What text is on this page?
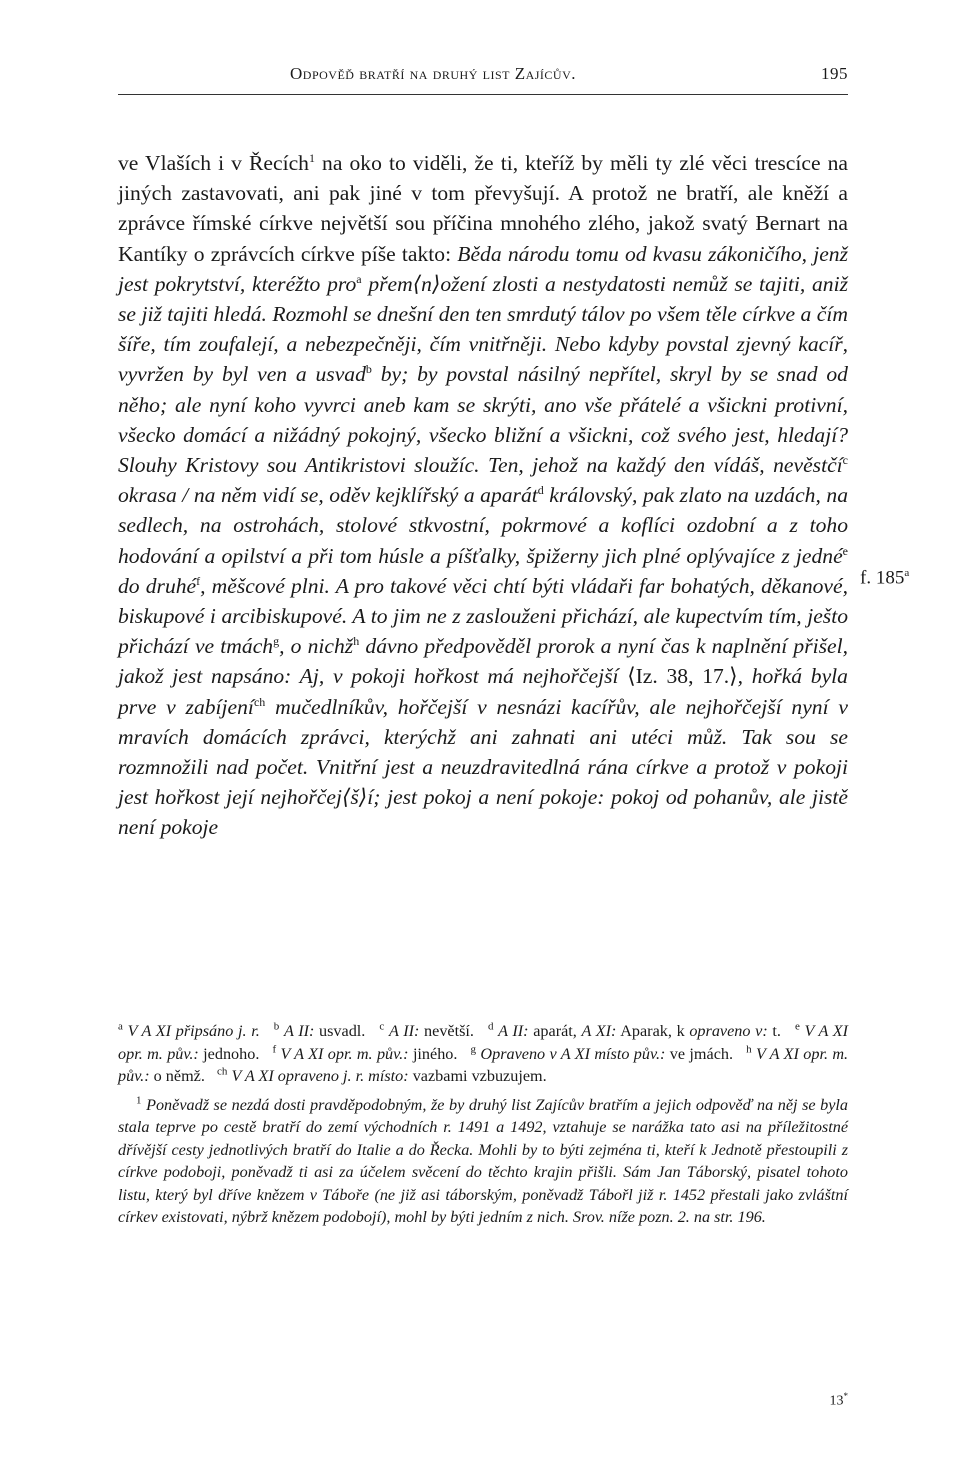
Odpověď bratří na druhý list Zajícův.	195

ve Vlaších i v Řecích$^1$ na oko to viděli, že ti, kteříž by měli ty zlé věci trescíce na jiných zastavovati, ani pak jiné v tom převyšují. A protož ne bratří, ale kněží a zprávce římské církve největší sou příčina mnohého zlého, jakož svatý Bernart na Kantíky o zprávcích církve píše takto: Běda národu tomu od kvasu zákoničího, jenž jest pokrytství, kteréžto pro$^a$ přem⟨n⟩ožení zlosti a nestydatosti nemůž se tajiti, aniž se již tajiti hledá. Rozmohl se dnešní den ten smrdutý tálov po všem těle církve a čím šíře, tím zoufalejí, a nebezpečněji, čím vnitřněji. Nebo kdyby povstal zjevný kacíř, vyvržen by byl ven a usvad$^b$ by; by povstal násilný nepřítel, skryl by se snad od něho; ale nyní koho vyvrci aneb kam se skrýti, ano vše přátelé a všickni protivní, všecko domácí a nižádný pokojný, všecko bližní a všickni, což svého jest, hledají? Slouhy Kristovy sou Antikristovi sloužíc. Ten, jehož na každý den vídáš, nevěstčí$^c$ okrasa / na něm vidí se, oděv kejklířský a aparát$^d$ královský, pak zlato na uzdách, na sedlech, na ostrohách, stolové stkvostní, pokrmové a koflíci ozdobní a z toho hodování a opilství a při tom húsle a píšťalky, špižerny jich plné oplývajíce z jedné$^e$ do druhé$^f$, měšcové plni. A pro takové věci chtí býti vládaři far bohatých, děkanové, biskupové i arcibiskupové. A to jim ne z zaslouženi přichází, ale kupectvím tím, ješto přichází ve tmách$^g$, o nichž$^h$ dávno předpověděl prorok a nyní čas k naplnění přišel, jakož jest napsáno: Aj, v pokoji hořkost má nejhořčejší ⟨Iz. 38, 17.⟩, hořká byla prve v zabíjení$^{ch}$ mučedlníkův, hořčejší v nesnázi kacířův, ale nejhořčejší nyní v mravích domácích zprávci, kterýchž ani zahnati ani utéci můž. Tak sou se rozmnožili nad počet. Vnitřní jest a neuzdravitedlná rána církve a protož v pokoji jest hořkost její nejhořčej⟨š⟩í; jest pokoj a není pokoje: pokoj od pohanův, ale jistě není pokoje

f. 185$^a$

$^a$ V A XI připsáno j. r. $^b$ A II: usvadl. $^c$ A II: nevětší. $^d$ A II: aparát, A XI: Aparak, k opraveno v: t. $^e$ V A XI opr. m. pův.: jednoho. $^f$ V A XI opr. m. pův.: jiného. $^g$ Opraveno v A XI místo pův.: ve jmách. $^h$ V A XI opr. m. pův.: o němž. $^{ch}$ V A XI opraveno j. r. místo: vazbami vzbuzujem.

$^1$ Poněvadž se nezdá dosti pravděpodobným, že by druhý list Zajícův bratřím a jejich odpověď na něj se byla stala teprve po cestě bratří do zemí východních r. 1491 a 1492, vztahuje se narážka tato asi na příležitostné dřívější cesty jednotlivých bratří do Italie a do Řecka. Mohli by to býti zejména ti, kteří k Jednotě přestoupili z církve podoboji, poněvadž ti asi za účelem svěcení do těchto krajin přišli. Sám Jan Táborský, pisatel tohoto listu, který byl dříve knězem v Táboře (ne již asi táborským, poněvadž Tábořl již r. 1452 přestali jako zvláštní církev existovati, nýbrž knězem podobojí), mohl by býti jedním z nich. Srov. níže pozn. 2. na str. 196.

13*
